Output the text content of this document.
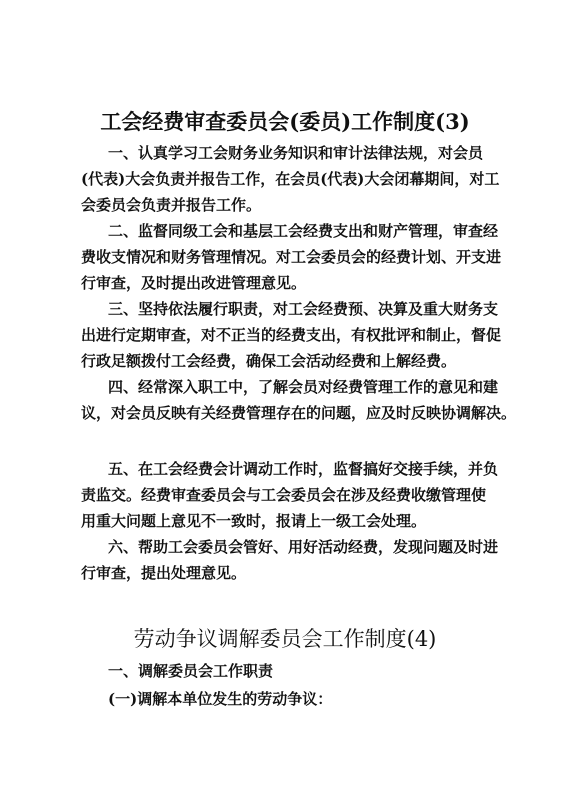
工会经费审查委员会(委员)工作制度(3)
一、认真学习工会财务业务知识和审计法律法规，对会员
(代表)大会负责并报告工作，在会员(代表)大会闭幕期间，对工
会委员会负责并报告工作。
二、监督同级工会和基层工会经费支出和财产管理，审查经
费收支情况和财务管理情况。对工会委员会的经费计划、开支进
行审查，及时提出改进管理意见。
三、坚持依法履行职责，对工会经费预、决算及重大财务支
出进行定期审查，对不正当的经费支出，有权批评和制止，督促
行政足额拨付工会经费，确保工会活动经费和上解经费。
四、经常深入职工中，了解会员对经费管理工作的意见和建
议，对会员反映有关经费管理存在的问题，应及时反映协调解决。
五、在工会经费会计调动工作时，监督搞好交接手续，并负
责监交。经费审查委员会与工会委员会在涉及经费收缴管理使
用重大问题上意见不一致时，报请上一级工会处理。
六、帮助工会委员会管好、用好活动经费，发现问题及时进
行审查，提出处理意见。
劳动争议调解委员会工作制度(4)
一、调解委员会工作职责
(一)调解本单位发生的劳动争议：
